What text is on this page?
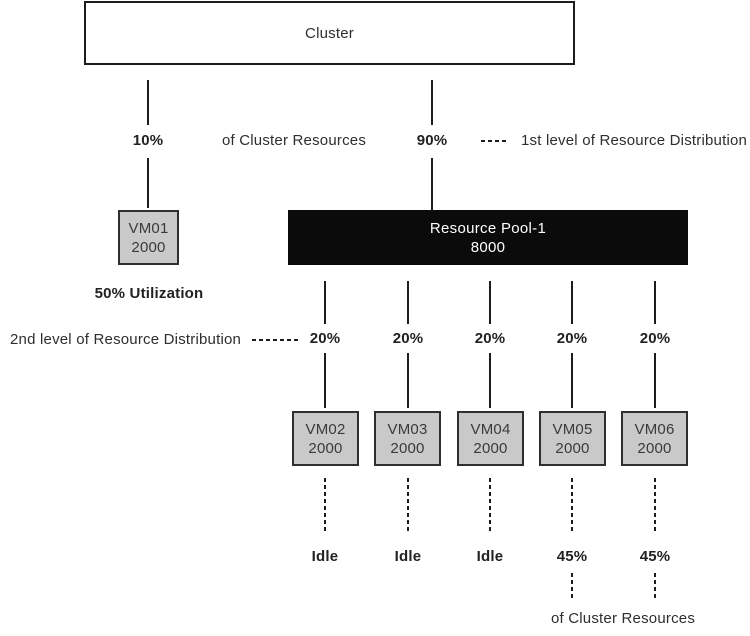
Cluster
10%	of Cluster Resources	90%	1st level of Resource Distribution
VM01
2000
50% Utilization
Resource Pool-1
8000
2nd level of Resource Distribution	20%
VM02
2000
Idle
20%
VM03
2000
Idle
20%
VM04
2000
Idle
20%
VM05
2000
45%
20%
VM06
2000
45%
of Cluster Resources
